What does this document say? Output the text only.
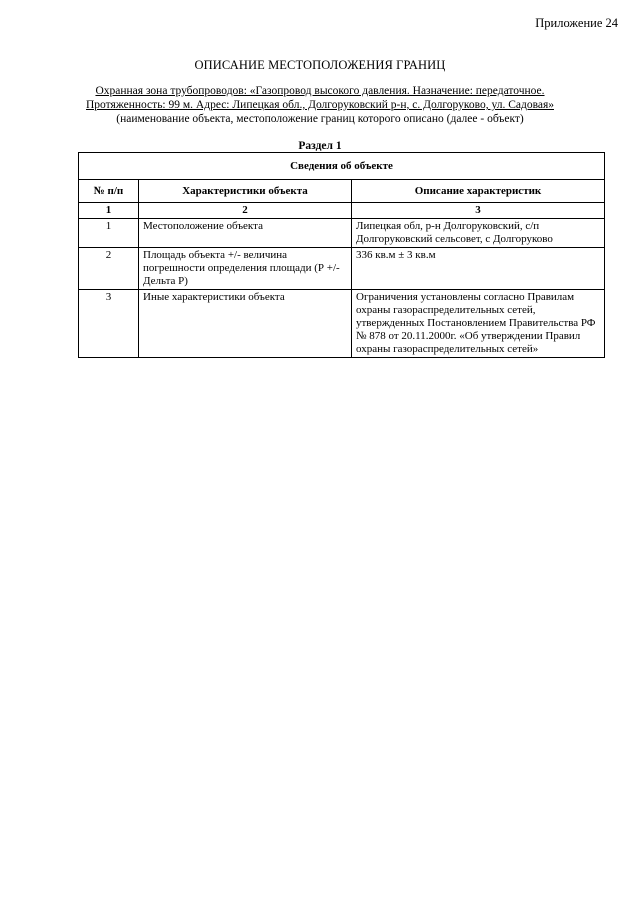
Приложение 24
ОПИСАНИЕ МЕСТОПОЛОЖЕНИЯ ГРАНИЦ
Охранная зона трубопроводов: «Газопровод высокого давления. Назначение: передаточное.
Протяженность: 99 м. Адрес: Липецкая обл., Долгоруковский р-н, с. Долгоруково, ул. Садовая»
(наименование объекта, местоположение границ которого описано (далее - объект)
Раздел 1
Сведения об объекте		
№ п/п	Характеристики объекта	Описание характеристик
1	2	3
1	Местоположение объекта	Липецкая обл, р-н Долгоруковский, с/п Долгоруковский сельсовет, с Долгоруково
2	Площадь объекта +/- величина погрешности определения площади (Р +/- Дельта Р)	336 кв.м ± 3 кв.м
3	Иные характеристики объекта	Ограничения установлены согласно Правилам охраны газораспределительных сетей, утвержденных Постановлением Правительства РФ № 878 от 20.11.2000г. «Об утверждении Правил охраны газораспределительных сетей»
